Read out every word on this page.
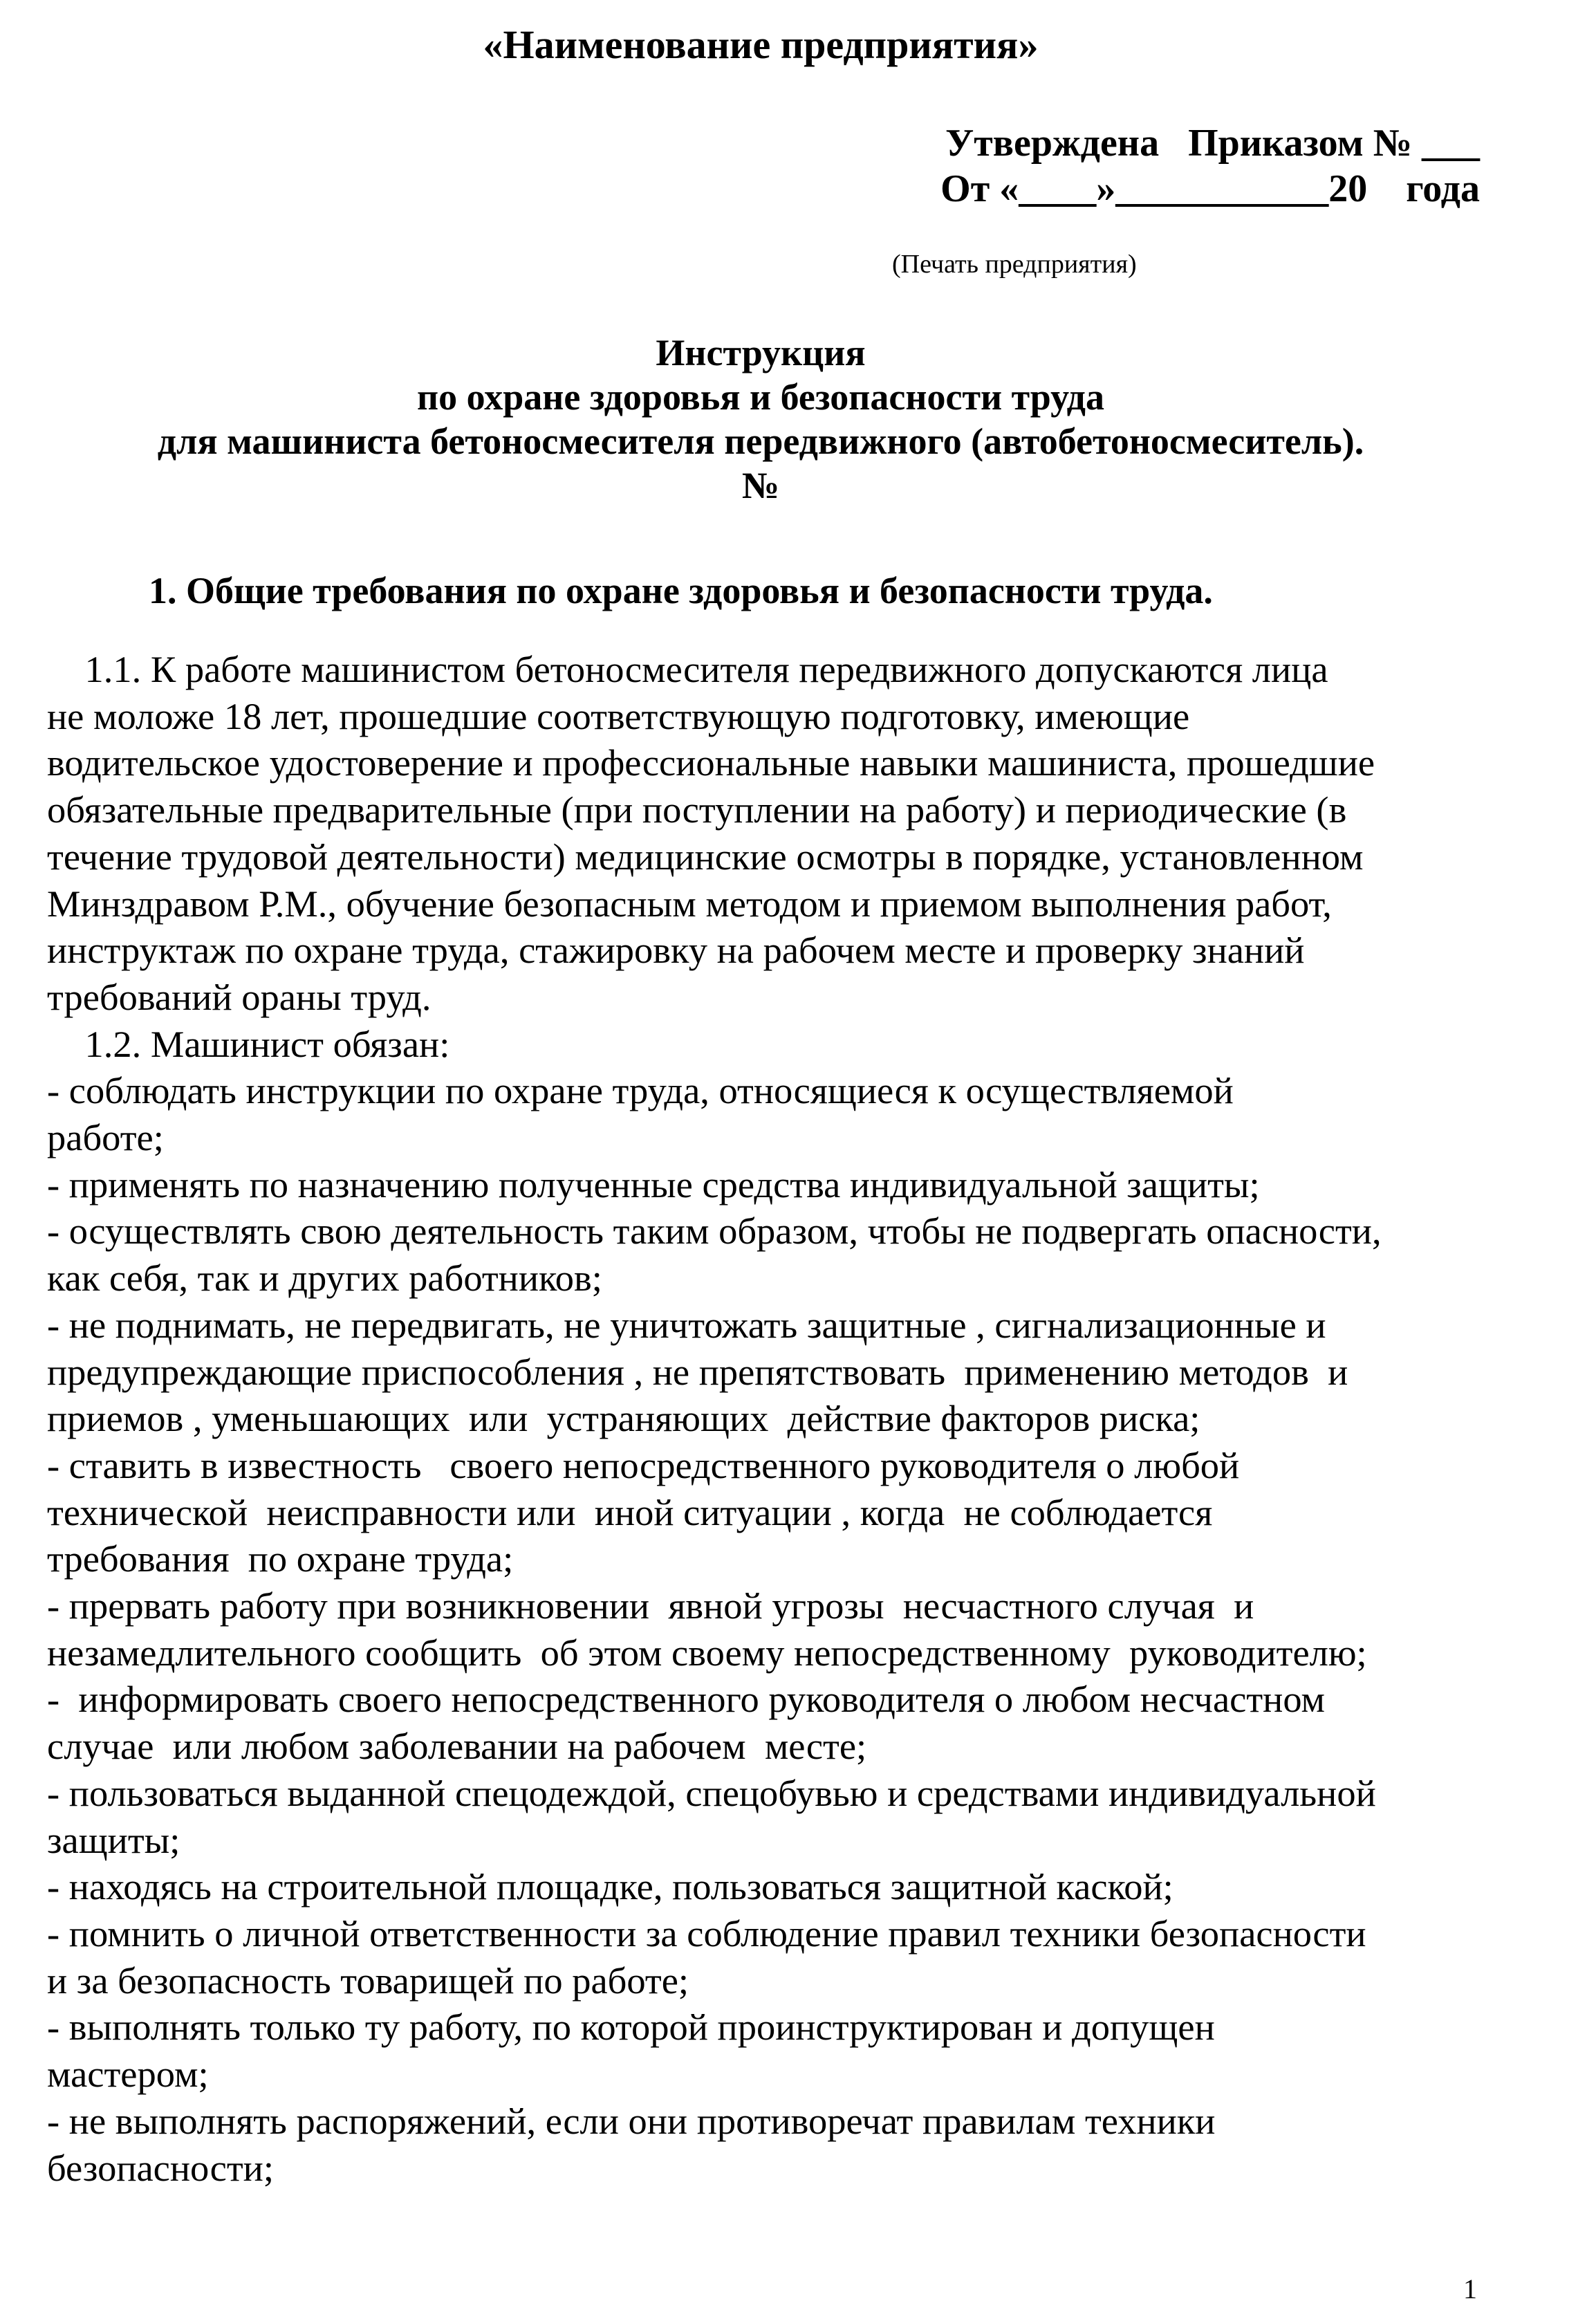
«Наименование предприятия»
Утверждена   Приказом № ___
От «____»___________20    года
(Печать предприятия)
Инструкция
по охране здоровья и безопасности труда
для машиниста бетоносмесителя передвижного (автобетоносмеситель).
№
1. Общие требования по охране здоровья и безопасности труда.
1.1. К работе машинистом бетоносмесителя передвижного допускаются лица
не моложе 18 лет, прошедшие соответствующую подготовку, имеющие
водительское удостоверение и профессиональные навыки машиниста, прошедшие
обязательные предварительные (при поступлении на работу) и периодические (в
течение трудовой деятельности) медицинские осмотры в порядке, установленном
Минздравом Р.М., обучение безопасным методом и приемом выполнения работ,
инструктаж по охране труда, стажировку на рабочем месте и проверку знаний
требований ораны труд.
1.2. Машинист обязан:
- соблюдать инструкции по охране труда, относящиеся к осуществляемой
работе;
- применять по назначению полученные средства индивидуальной защиты;
- осуществлять свою деятельность таким образом, чтобы не подвергать опасности,
как себя, так и других работников;
- не поднимать, не передвигать, не уничтожать защитные , сигнализационные и
предупреждающие приспособления , не препятствовать  применению методов  и
приемов , уменьшающих  или  устраняющих  действие факторов риска;
- ставить в известность   своего непосредственного руководителя о любой
технической  неисправности или  иной ситуации , когда  не соблюдается
требования  по охране труда;
- прервать работу при возникновении  явной угрозы  несчастного случая  и
незамедлительного сообщить  об этом своему непосредственному  руководителю;
-  информировать своего непосредственного руководителя о любом несчастном
случае  или любом заболевании на рабочем  месте;
- пользоваться выданной спецодеждой, спецобувью и средствами индивидуальной
защиты;
- находясь на строительной площадке, пользоваться защитной каской;
- помнить о личной ответственности за соблюдение правил техники безопасности
и за безопасность товарищей по работе;
- выполнять только ту работу, по которой проинструктирован и допущен
мастером;
- не выполнять распоряжений, если они противоречат правилам техники
безопасности;
1
